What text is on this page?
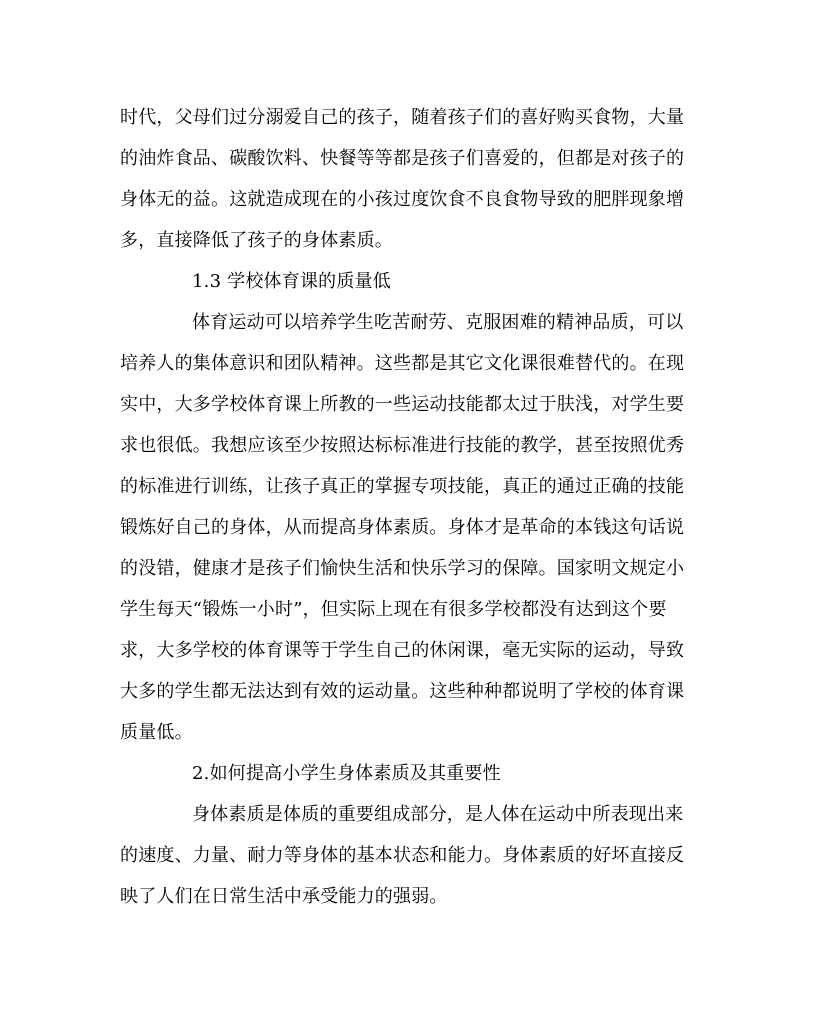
时代，父母们过分溺爱自己的孩子，随着孩子们的喜好购买食物，大量
的油炸食品、碳酸饮料、快餐等等都是孩子们喜爱的，但都是对孩子的
身体无的益。这就造成现在的小孩过度饮食不良食物导致的肥胖现象增
多，直接降低了孩子的身体素质。
1.3 学校体育课的质量低
体育运动可以培养学生吃苦耐劳、克服困难的精神品质，可以
培养人的集体意识和团队精神。这些都是其它文化课很难替代的。在现
实中，大多学校体育课上所教的一些运动技能都太过于肤浅，对学生要
求也很低。我想应该至少按照达标标准进行技能的教学，甚至按照优秀
的标准进行训练，让孩子真正的掌握专项技能，真正的通过正确的技能
锻炼好自己的身体，从而提高身体素质。身体才是革命的本钱这句话说
的没错，健康才是孩子们愉快生活和快乐学习的保障。国家明文规定小
学生每天“锻炼一小时”，但实际上现在有很多学校都没有达到这个要
求，大多学校的体育课等于学生自己的休闲课，毫无实际的运动，导致
大多的学生都无法达到有效的运动量。这些种种都说明了学校的体育课
质量低。
2.如何提高小学生身体素质及其重要性
身体素质是体质的重要组成部分，是人体在运动中所表现出来
的速度、力量、耐力等身体的基本状态和能力。身体素质的好坏直接反
映了人们在日常生活中承受能力的强弱。
